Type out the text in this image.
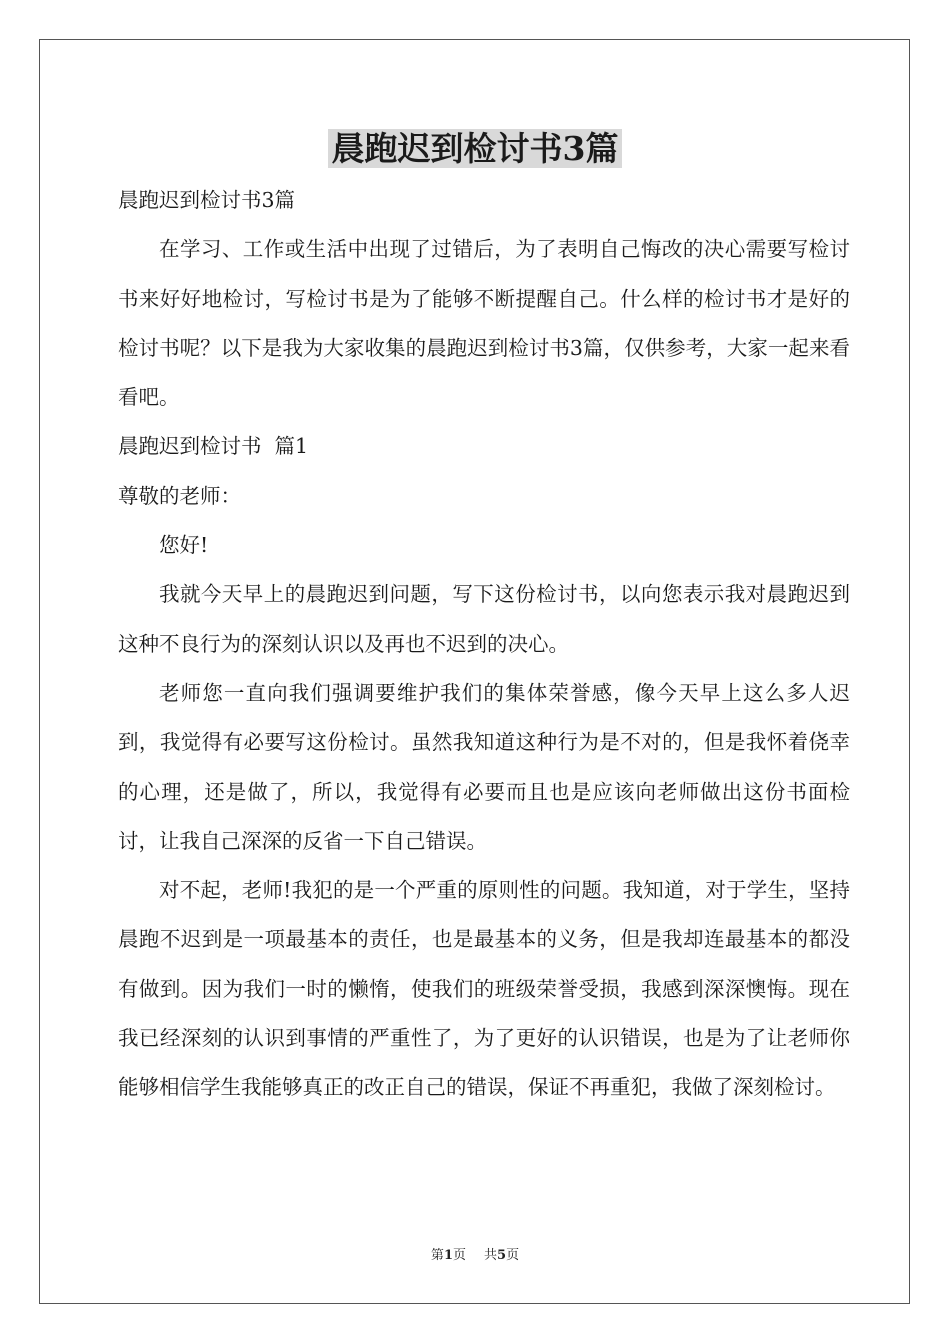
晨跑迟到检讨书3篇

晨跑迟到检讨书3篇

在学习、工作或生活中出现了过错后，为了表明自己悔改的决心需要写检讨书来好好地检讨，写检讨书是为了能够不断提醒自己。什么样的检讨书才是好的检讨书呢？以下是我为大家收集的晨跑迟到检讨书3篇，仅供参考，大家一起来看看吧。

晨跑迟到检讨书  篇1

尊敬的老师：

您好!

我就今天早上的晨跑迟到问题，写下这份检讨书，以向您表示我对晨跑迟到这种不良行为的深刻认识以及再也不迟到的决心。

老师您一直向我们强调要维护我们的集体荣誉感，像今天早上这么多人迟到，我觉得有必要写这份检讨。虽然我知道这种行为是不对的，但是我怀着侥幸的心理，还是做了，所以，我觉得有必要而且也是应该向老师做出这份书面检讨，让我自己深深的反省一下自己错误。

对不起，老师!我犯的是一个严重的原则性的问题。我知道，对于学生，坚持晨跑不迟到是一项最基本的责任，也是最基本的义务，但是我却连最基本的都没有做到。因为我们一时的懒惰，使我们的班级荣誉受损，我感到深深懊悔。现在我已经深刻的认识到事情的严重性了，为了更好的认识错误，也是为了让老师你能够相信学生我能够真正的改正自己的错误，保证不再重犯，我做了深刻检讨。

第1页 共5页
